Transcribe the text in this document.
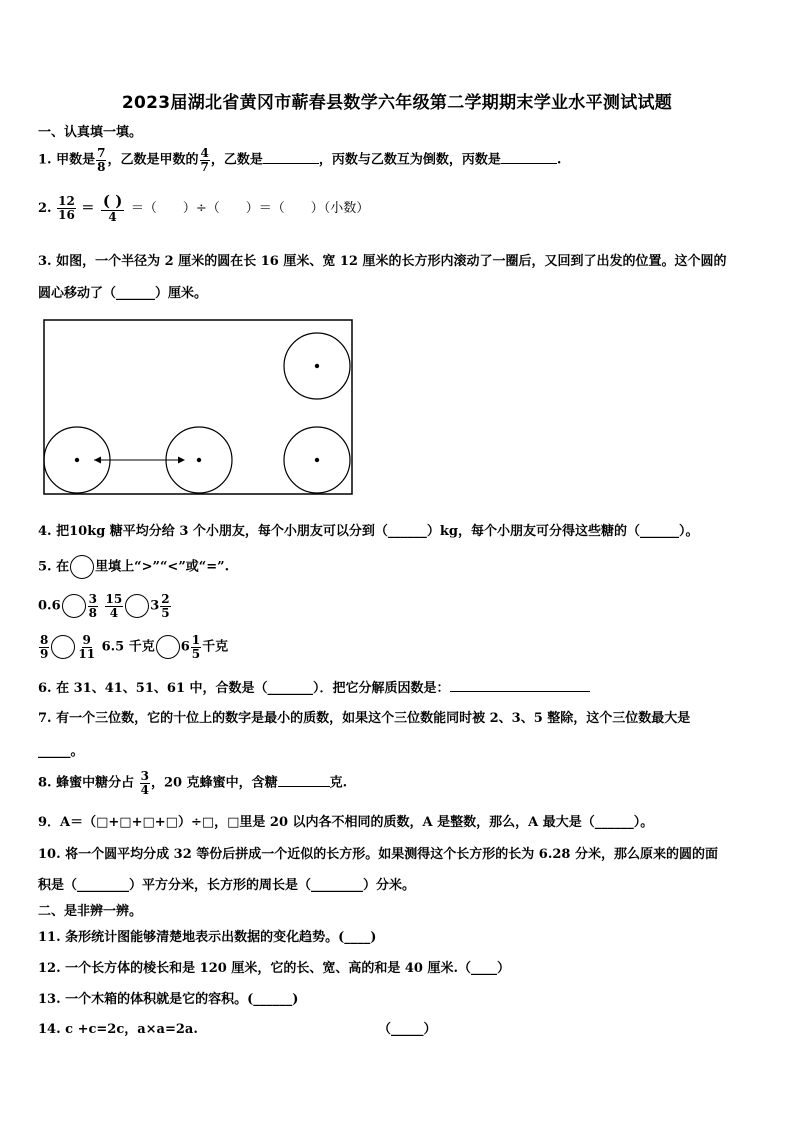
2023届湖北省黄冈市蕲春县数学六年级第二学期期末学业水平测试试题
一、认真填一填。
1. 甲数是 $\frac{7}{8}$ ，乙数是甲数的 $\frac{4}{7}$ ，乙数是	，丙数与乙数互为倒数，丙数是	.
2. $\frac{12}{16} = \frac{( )}{4}$ ＝（　　）÷（　　）＝（　　）（小数）
3. 如图，一个半径为 2 厘米的圆在长 16 厘米、宽 12 厘米的长方形内滚动了一圈后，又回到了出发的位置。这个圆的
圆心移动了（______）厘米。
4. 把10kg 糖平均分给 3 个小朋友，每个小朋友可以分到（______）kg，每个小朋友可分得这些糖的（______）。
5. 在 里填上“>”“<”或“=”.
$0.6 \frac{3}{8}$
$\frac{15}{4} 3 \frac{2}{5}$
$\frac{8}{9} \frac{9}{11} 6.5$ 千克 $6 \frac{1}{5}$ 千克
6. 在 31、41、51、61 中，合数是（_______）．把它分解质因数是：
7. 有一个三位数，它的十位上的数字是最小的质数，如果这个三位数能同时被 2、3、5 整除，这个三位数最大是
_____。
8. 蜂蜜中糖分占 $\frac{3}{4}$ ，20 克蜂蜜中，含糖	克.
9．A＝（□+□+□+□）÷□，□里是 20 以内各不相同的质数，A 是整数，那么，A 最大是（______）。
10. 将一个圆平均分成 32 等份后拼成一个近似的长方形。如果测得这个长方形的长为 6.28 分米，那么原来的圆的面
积是（________）平方分米，长方形的周长是（________）分米。
二、是非辨一辨。
11. 条形统计图能够清楚地表示出数据的变化趋势。(____)
12. 一个长方体的棱长和是 120 厘米，它的长、宽、高的和是 40 厘米.（____）
13. 一个木箱的体积就是它的容积。(______)
14. c +c=2c，a×a=2a.	（_____）
